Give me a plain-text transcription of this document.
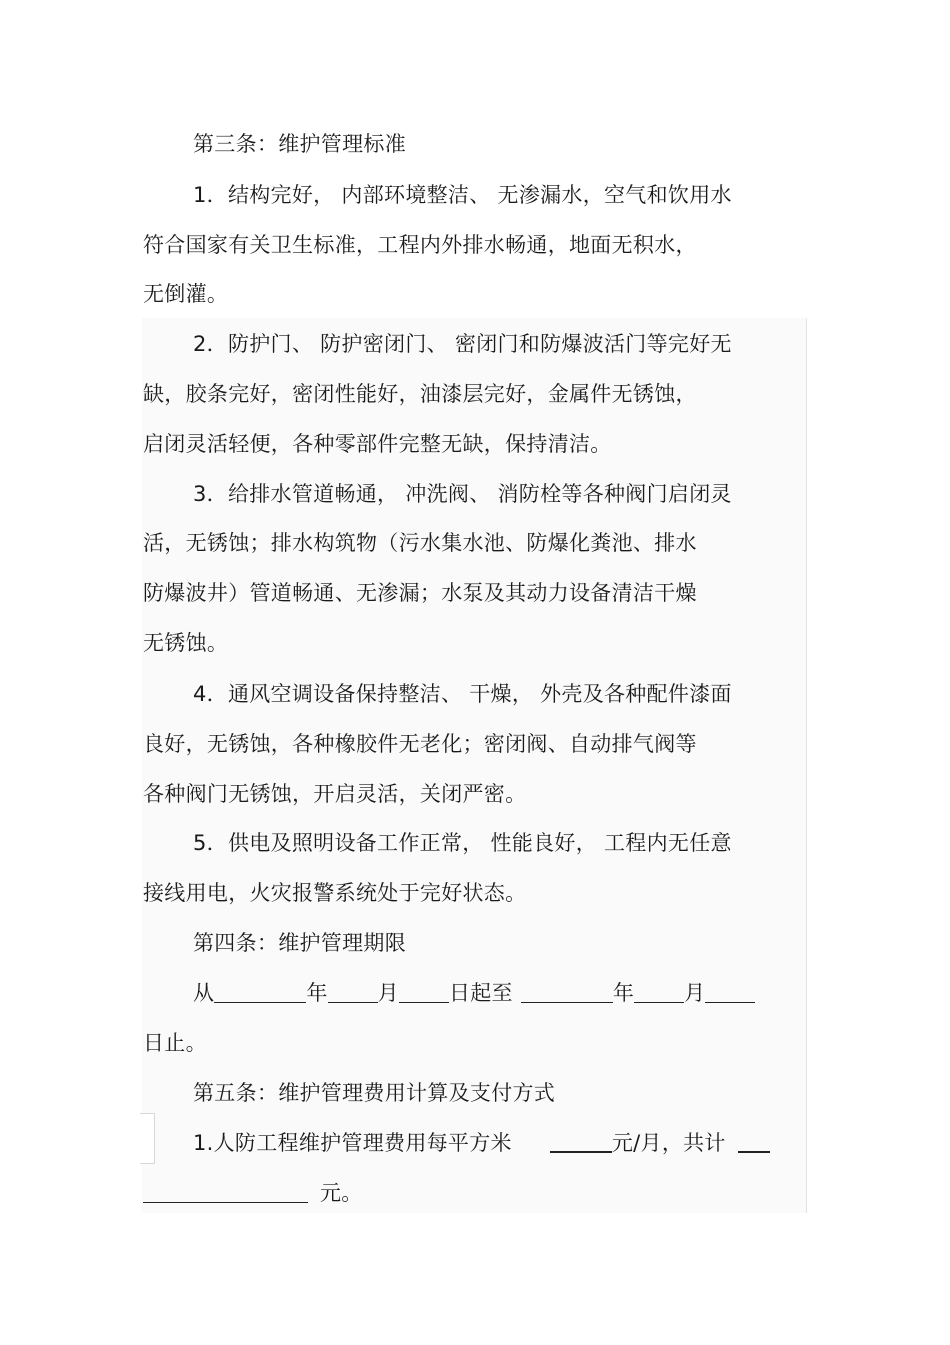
第三条：维护管理标准
1．结构完好， 内部环境整洁、 无渗漏水，空气和饮用水
符合国家有关卫生标准，工程内外排水畅通，地面无积水，
无倒灌。
2．防护门、 防护密闭门、 密闭门和防爆波活门等完好无
缺，胶条完好，密闭性能好，油漆层完好，金属件无锈蚀，
启闭灵活轻便，各种零部件完整无缺，保持清洁。
3．给排水管道畅通， 冲洗阀、 消防栓等各种阀门启闭灵
活，无锈蚀；排水构筑物（污水集水池、防爆化粪池、排水
防爆波井）管道畅通、无渗漏；水泵及其动力设备清洁干燥
无锈蚀。
4．通风空调设备保持整洁、 干燥， 外壳及各种配件漆面
良好，无锈蚀，各种橡胶件无老化；密闭阀、自动排气阀等
各种阀门无锈蚀，开启灵活，关闭严密。
5．供电及照明设备工作正常， 性能良好， 工程内无任意
接线用电，火灾报警系统处于完好状态。
第四条：维护管理期限
从	年 月 日起至	年 月
日止。
第五条：维护管理费用计算及支付方式
1.人防工程维护管理费用每平方米	元/月，共计
元。
